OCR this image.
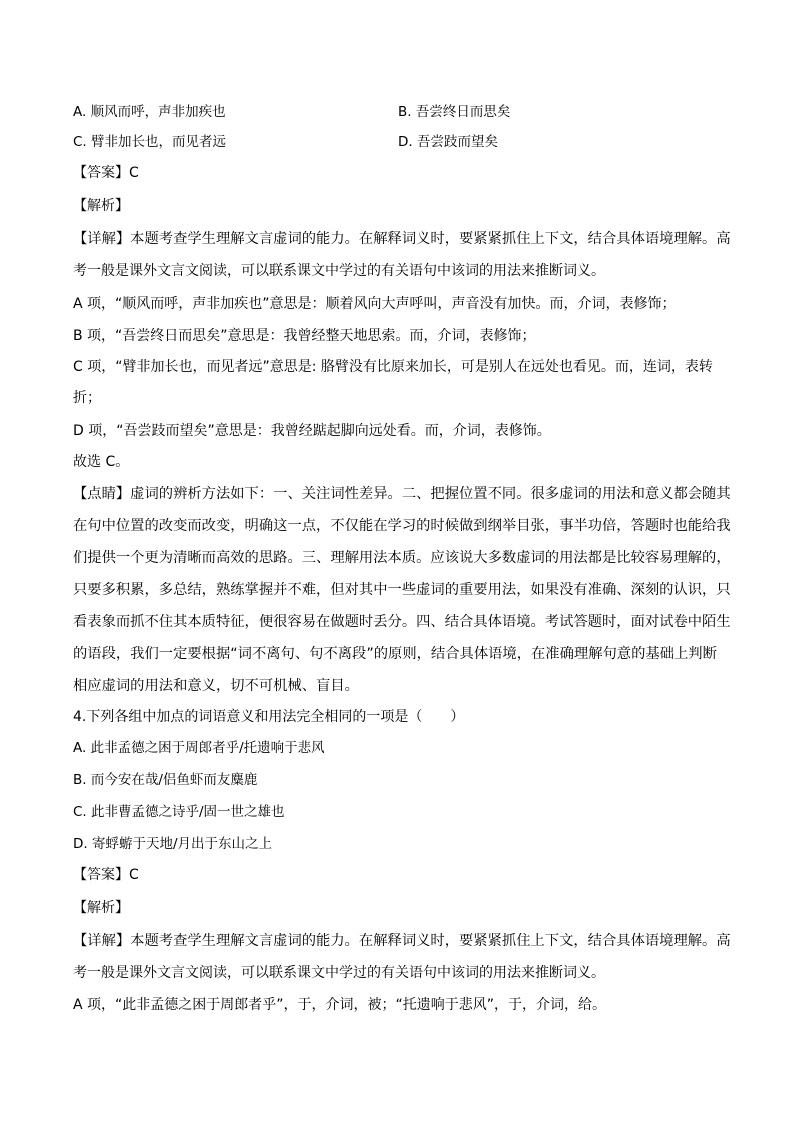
A. 顺风而呼，声非加疾也	B. 吾尝终日而思矣
C. 臂非加长也，而见者远	D. 吾尝跂而望矣
【答案】C
【解析】
【详解】本题考查学生理解文言虚词的能力。在解释词义时，要紧紧抓住上下文，结合具体语境理解。高
考一般是课外文言文阅读，可以联系课文中学过的有关语句中该词的用法来推断词义。
A 项，“顺风而呼，声非加疾也”意思是：顺着风向大声呼叫，声音没有加快。而，介词，表修饰；
B 项，“吾尝终日而思矣”意思是：我曾经整天地思索。而，介词，表修饰；
C 项，“臂非加长也，而见者远”意思是: 胳臂没有比原来加长，可是别人在远处也看见。而，连词，表转
折；
D 项，“吾尝跂而望矣”意思是：我曾经踮起脚向远处看。而，介词，表修饰。
故选 C。
【点睛】虚词的辨析方法如下：一、关注词性差异。二、把握位置不同。很多虚词的用法和意义都会随其
在句中位置的改变而改变，明确这一点，不仅能在学习的时候做到纲举目张，事半功倍，答题时也能给我
们提供一个更为清晰而高效的思路。三、理解用法本质。应该说大多数虚词的用法都是比较容易理解的，
只要多积累，多总结，熟练掌握并不难，但对其中一些虚词的重要用法，如果没有准确、深刻的认识，只
看表象而抓不住其本质特征，便很容易在做题时丢分。四、结合具体语境。考试答题时，面对试卷中陌生
的语段，我们一定要根据“词不离句、句不离段”的原则，结合具体语境，在准确理解句意的基础上判断
相应虚词的用法和意义，切不可机械、盲目。
4.下列各组中加点的词语意义和用法完全相同的一项是（　　）
A. 此非孟德之困于周郎者乎/托遗响于悲风
B. 而今安在哉/侣鱼虾而友麋鹿
C. 此非曹孟德之诗乎/固一世之雄也
D. 寄蜉蝣于天地/月出于东山之上
【答案】C
【解析】
【详解】本题考查学生理解文言虚词的能力。在解释词义时，要紧紧抓住上下文，结合具体语境理解。高
考一般是课外文言文阅读，可以联系课文中学过的有关语句中该词的用法来推断词义。
A 项，“此非孟德之困于周郎者乎”，于，介词，被；“托遗响于悲风”，于，介词，给。
